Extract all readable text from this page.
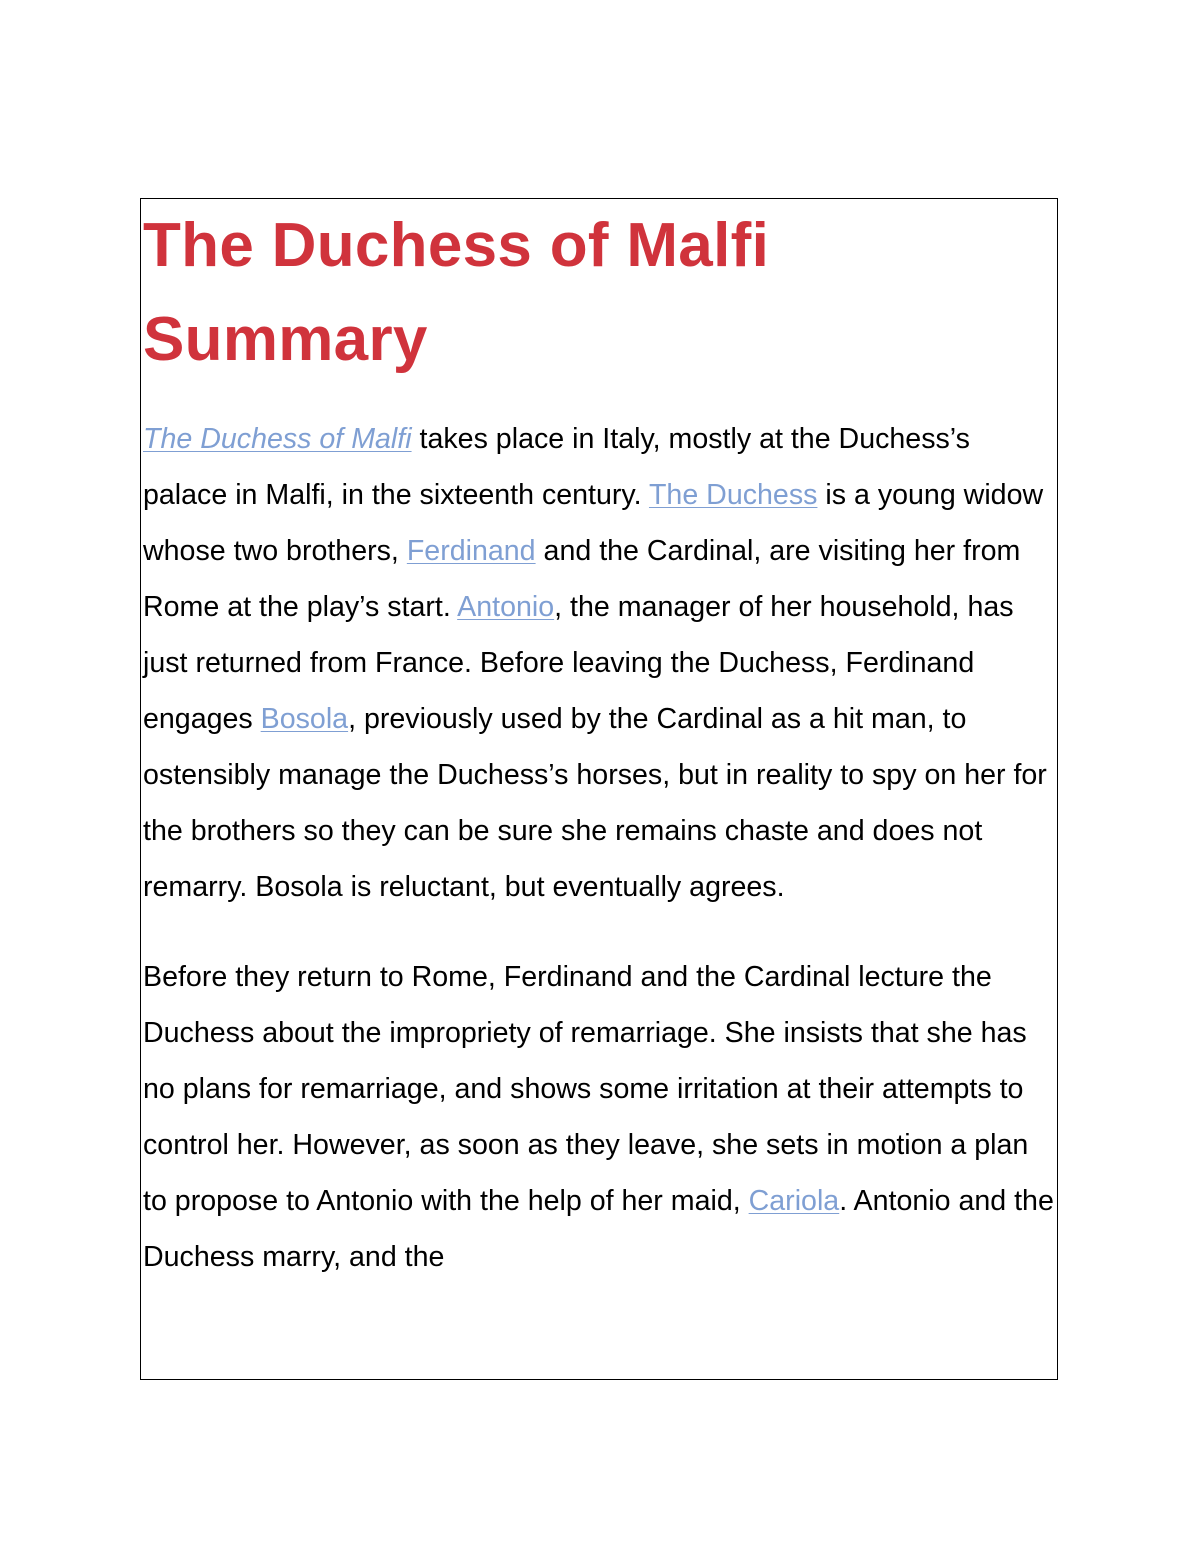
The Duchess of Malfi Summary

The Duchess of Malfi takes place in Italy, mostly at the Duchess’s palace in Malfi, in the sixteenth century. The Duchess is a young widow whose two brothers, Ferdinand and the Cardinal, are visiting her from Rome at the play’s start. Antonio, the manager of her household, has just returned from France. Before leaving the Duchess, Ferdinand engages Bosola, previously used by the Cardinal as a hit man, to ostensibly manage the Duchess’s horses, but in reality to spy on her for the brothers so they can be sure she remains chaste and does not remarry. Bosola is reluctant, but eventually agrees.

Before they return to Rome, Ferdinand and the Cardinal lecture the Duchess about the impropriety of remarriage. She insists that she has no plans for remarriage, and shows some irritation at their attempts to control her. However, as soon as they leave, she sets in motion a plan to propose to Antonio with the help of her maid, Cariola. Antonio and the Duchess marry, and the
